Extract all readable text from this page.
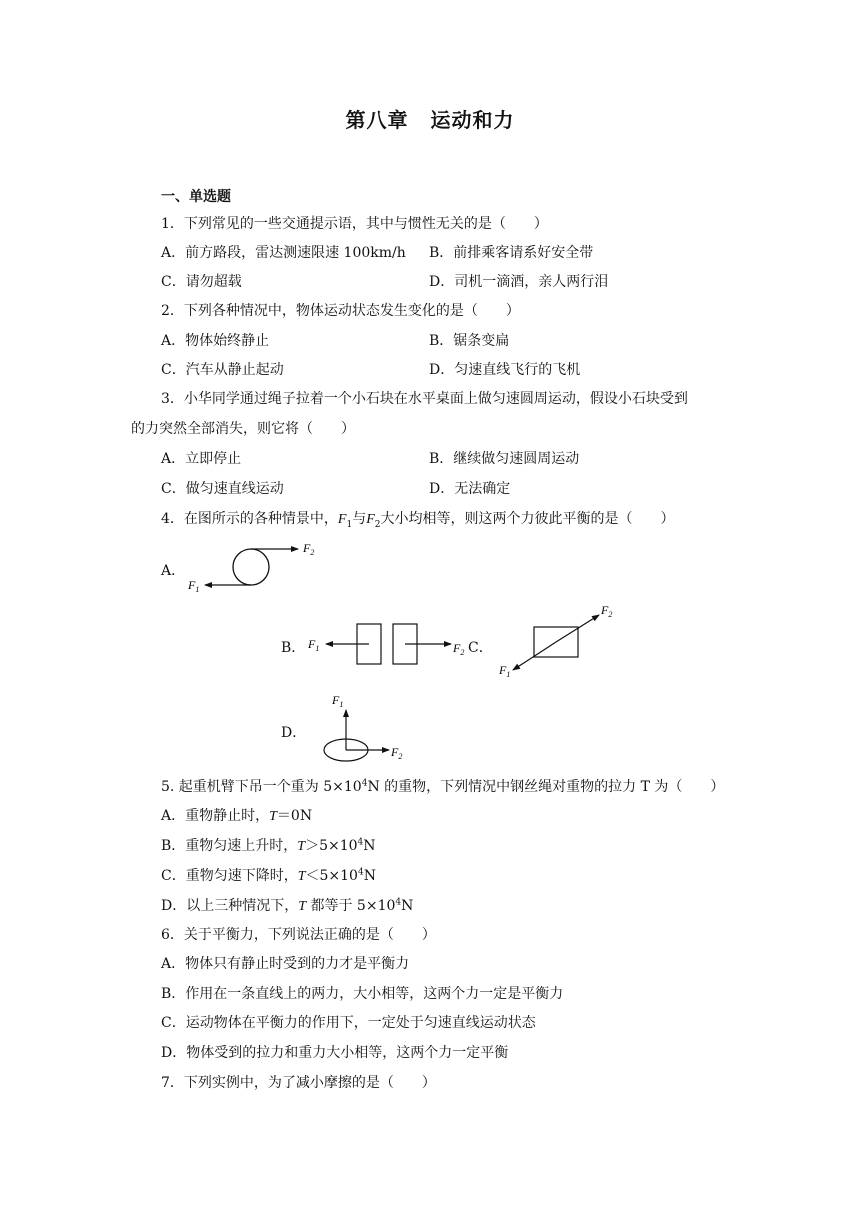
第八章 运动和力
一、单选题
1．下列常见的一些交通提示语，其中与惯性无关的是（　　）
A．前方路段，雷达测速限速 100km/h B．前排乘客请系好安全带
C．请勿超载	D．司机一滴酒，亲人两行泪
2．下列各种情况中，物体运动状态发生变化的是（　　）
A．物体始终静止	B．锯条变扁
C．汽车从静止起动	D．匀速直线飞行的飞机
3．小华同学通过绳子拉着一个小石块在水平桌面上做匀速圆周运动，假设小石块受到
的力突然全部消失，则它将（　　）
A．立即停止	B．继续做匀速圆周运动
C．做匀速直线运动	D．无法确定
4．在图所示的各种情景中，$F_1$与$F_2$大小均相等，则这两个力彼此平衡的是（　　）
A．
B．	C．
D．
$F_2$
$F_1$
$F_1$	$F_2$
$F_2$
$F_1$
$F_1$
$F_2$
5. 起重机臂下吊一个重为 $5\times 10^4N$ 的重物，下列情况中钢丝绳对重物的拉力 T 为（　　）
A．重物静止时，T＝0N
B．重物匀速上升时，$T>5\times 10^4N$
C．重物匀速下降时，$T<5\times 10^4N$
D．以上三种情况下，T 都等于 $5\times 10^4N$
6．关于平衡力，下列说法正确的是（　　）
A．物体只有静止时受到的力才是平衡力
B．作用在一条直线上的两力，大小相等，这两个力一定是平衡力
C．运动物体在平衡力的作用下，一定处于匀速直线运动状态
D．物体受到的拉力和重力大小相等，这两个力一定平衡
7．下列实例中，为了减小摩擦的是（　　）
